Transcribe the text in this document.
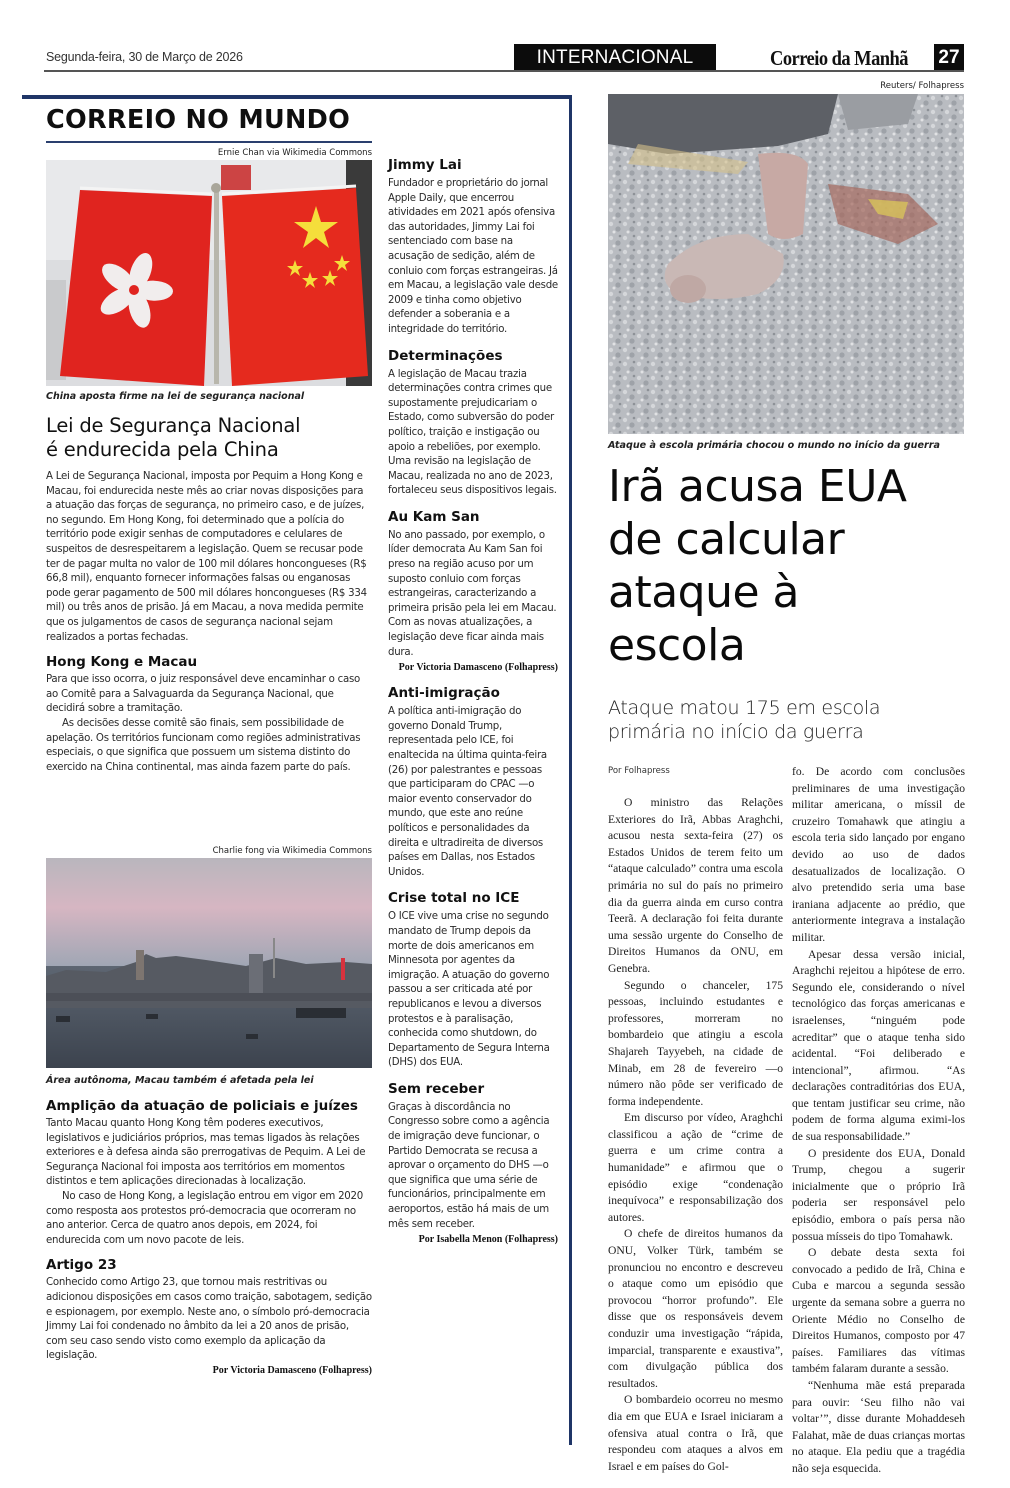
Segunda-feira, 30 de Março de 2026	INTERNACIONAL	Correio da Manhã 27
CORREIO NO MUNDO
Ernie Chan via Wikimedia Commons
China aposta firme na lei de segurança nacional
Lei de Segurança Nacional
é endurecida pela China
A Lei de Segurança Nacional, imposta por Pequim a Hong Kong e Macau, foi endurecida neste mês ao criar novas disposições para a atuação das forças de segurança, no primeiro caso, e de juízes, no segundo. Em Hong Kong, foi determinado que a polícia do território pode exigir senhas de computadores e celulares de suspeitos de desrespeitarem a legislação. Quem se recusar pode ter de pagar multa no valor de 100 mil dólares honcongueses (R$ 66,8 mil), enquanto fornecer informações falsas ou enganosas pode gerar pagamento de 500 mil dólares honcongueses (R$ 334 mil) ou três anos de prisão. Já em Macau, a nova medida permite que os julgamentos de casos de segurança nacional sejam realizados a portas fechadas.
Hong Kong e Macau
Para que isso ocorra, o juiz responsável deve encaminhar o caso ao Comitê para a Salvaguarda da Segurança Nacional, que decidirá sobre a tramitação.
As decisões desse comitê são finais, sem possibilidade de apelação. Os territórios funcionam como regiões administrativas especiais, o que significa que possuem um sistema distinto do exercido na China continental, mas ainda fazem parte do país.
Charlie fong via Wikimedia Commons
Área autônoma, Macau também é afetada pela lei
Amplição da atuação de policiais e juízes
Tanto Macau quanto Hong Kong têm poderes executivos, legislativos e judiciários próprios, mas temas ligados às relações exteriores e à defesa ainda são prerrogativas de Pequim. A Lei de Segurança Nacional foi imposta aos territórios em momentos distintos e tem aplicações direcionadas à localização.
No caso de Hong Kong, a legislação entrou em vigor em 2020 como resposta aos protestos pró-democracia que ocorreram no ano anterior. Cerca de quatro anos depois, em 2024, foi endurecida com um novo pacote de leis.
Artigo 23
Conhecido como Artigo 23, que tornou mais restritivas ou adicionou disposições em casos como traição, sabotagem, sedição e espionagem, por exemplo. Neste ano, o símbolo pró-democracia Jimmy Lai foi condenado no âmbito da lei a 20 anos de prisão, com seu caso sendo visto como exemplo da aplicação da legislação.
Por Victoria Damasceno (Folhapress)
Jimmy Lai
Fundador e proprietário do jornal Apple Daily, que encerrou atividades em 2021 após ofensiva das autoridades, Jimmy Lai foi sentenciado com base na acusação de sedição, além de conluio com forças estrangeiras. Já em Macau, a legislação vale desde 2009 e tinha como objetivo defender a soberania e a integridade do território.
Determinações
A legislação de Macau trazia determinações contra crimes que supostamente prejudicariam o Estado, como subversão do poder político, traição e instigação ou apoio a rebeliões, por exemplo. Uma revisão na legislação de Macau, realizada no ano de 2023, fortaleceu seus dispositivos legais.
Au Kam San
No ano passado, por exemplo, o líder democrata Au Kam San foi preso na região acuso por um suposto conluio com forças estrangeiras, caracterizando a primeira prisão pela lei em Macau. Com as novas atualizações, a legislação deve ficar ainda mais dura.
Por Victoria Damasceno (Folhapress)
Anti-imigração
A política anti-imigração do governo Donald Trump, representada pelo ICE, foi enaltecida na última quinta-feira (26) por palestrantes e pessoas que participaram do CPAC —o maior evento conservador do mundo, que este ano reúne políticos e personalidades da direita e ultradireita de diversos países em Dallas, nos Estados Unidos.
Crise total no ICE
O ICE vive uma crise no segundo mandato de Trump depois da morte de dois americanos em Minnesota por agentes da imigração. A atuação do governo passou a ser criticada até por republicanos e levou a diversos protestos e à paralisação, conhecida como shutdown, do Departamento de Segura Interna (DHS) dos EUA.
Sem receber
Graças à discordância no Congresso sobre como a agência de imigração deve funcionar, o Partido Democrata se recusa a aprovar o orçamento do DHS —o que significa que uma série de funcionários, principalmente em aeroportos, estão há mais de um mês sem receber.
Por Isabella Menon (Folhapress)
Reuters/ Folhapress
Ataque à escola primária chocou o mundo no início da guerra
Irã acusa EUA
de calcular
ataque à
escola
Ataque matou 175 em escola
primária no início da guerra
Por Folhapress
O ministro das Relações Exteriores do Irã, Abbas Araghchi, acusou nesta sexta-feira (27) os Estados Unidos de terem feito um “ataque calculado” contra uma escola primária no sul do país no primeiro dia da guerra ainda em curso contra Teerã. A declaração foi feita durante uma sessão urgente do Conselho de Direitos Humanos da ONU, em Genebra.
Segundo o chanceler, 175 pessoas, incluindo estudantes e professores, morreram no bombardeio que atingiu a escola Shajareh Tayyebeh, na cidade de Minab, em 28 de fevereiro —o número não pôde ser verificado de forma independente.
Em discurso por vídeo, Araghchi classificou a ação de “crime de guerra e um crime contra a humanidade” e afirmou que o episódio exige “condenação inequívoca” e responsabilização dos autores.
O chefe de direitos humanos da ONU, Volker Türk, também se pronunciou no encontro e descreveu o ataque como um episódio que provocou “horror profundo”. Ele disse que os responsáveis devem conduzir uma investigação “rápida, imparcial, transparente e exaustiva”, com divulgação pública dos resultados.
O bombardeio ocorreu no mesmo dia em que EUA e Israel iniciaram a ofensiva atual contra o Irã, que respondeu com ataques a alvos em Israel e em países do Gol-
fo. De acordo com conclusões preliminares de uma investigação militar americana, o míssil de cruzeiro Tomahawk que atingiu a escola teria sido lançado por engano devido ao uso de dados desatualizados de localização. O alvo pretendido seria uma base iraniana adjacente ao prédio, que anteriormente integrava a instalação militar.
Apesar dessa versão inicial, Araghchi rejeitou a hipótese de erro. Segundo ele, considerando o nível tecnológico das forças americanas e israelenses, “ninguém pode acreditar” que o ataque tenha sido acidental. “Foi deliberado e intencional”, afirmou. “As declarações contraditórias dos EUA, que tentam justificar seu crime, não podem de forma alguma eximi-los de sua responsabilidade.”
O presidente dos EUA, Donald Trump, chegou a sugerir inicialmente que o próprio Irã poderia ser responsável pelo episódio, embora o país persa não possua mísseis do tipo Tomahawk.
O debate desta sexta foi convocado a pedido de Irã, China e Cuba e marcou a segunda sessão urgente da semana sobre a guerra no Oriente Médio no Conselho de Direitos Humanos, composto por 47 países. Familiares das vítimas também falaram durante a sessão.
“Nenhuma mãe está preparada para ouvir: ‘Seu filho não vai voltar’”, disse durante Mohaddeseh Falahat, mãe de duas crianças mortas no ataque. Ela pediu que a tragédia não seja esquecida.
